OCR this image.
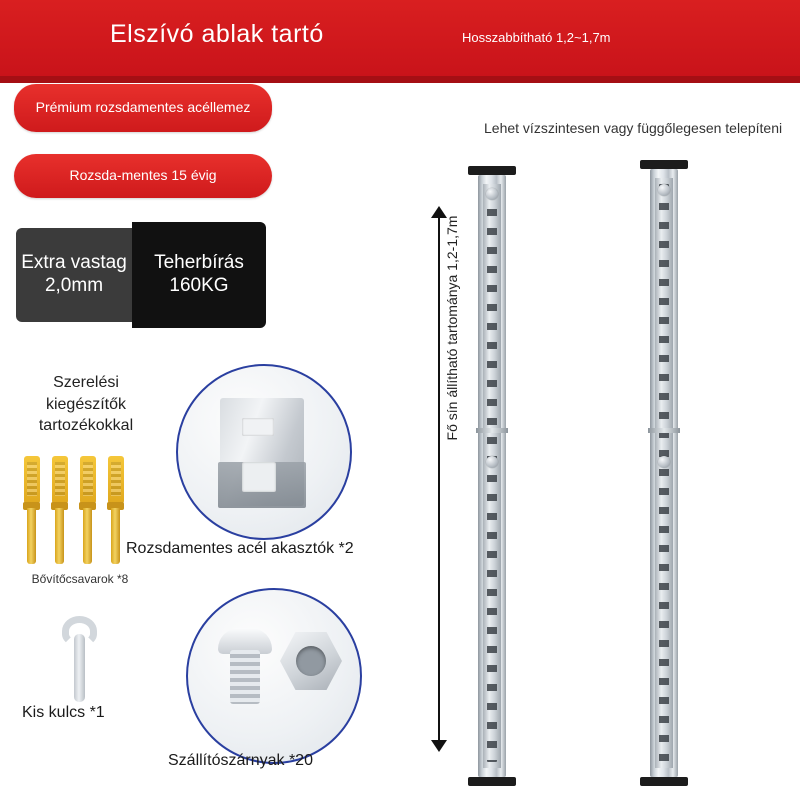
Elszívó ablak tartó	Hosszabbítható 1,2~1,7m
Prémium rozsdamentes acéllemez
Rozsda-mentes 15 évig
Extra vastag 2,0mm
Teherbírás 160KG
Szerelési kiegészítők tartozékokkal
Bővítőcsavarok *8
Kis kulcs *1
Rozsdamentes acél akasztók *2
Szállítószárnyak *20
Lehet vízszintesen vagy függőlegesen telepíteni
Fő sín állítható tartománya 1,2-1,7m
